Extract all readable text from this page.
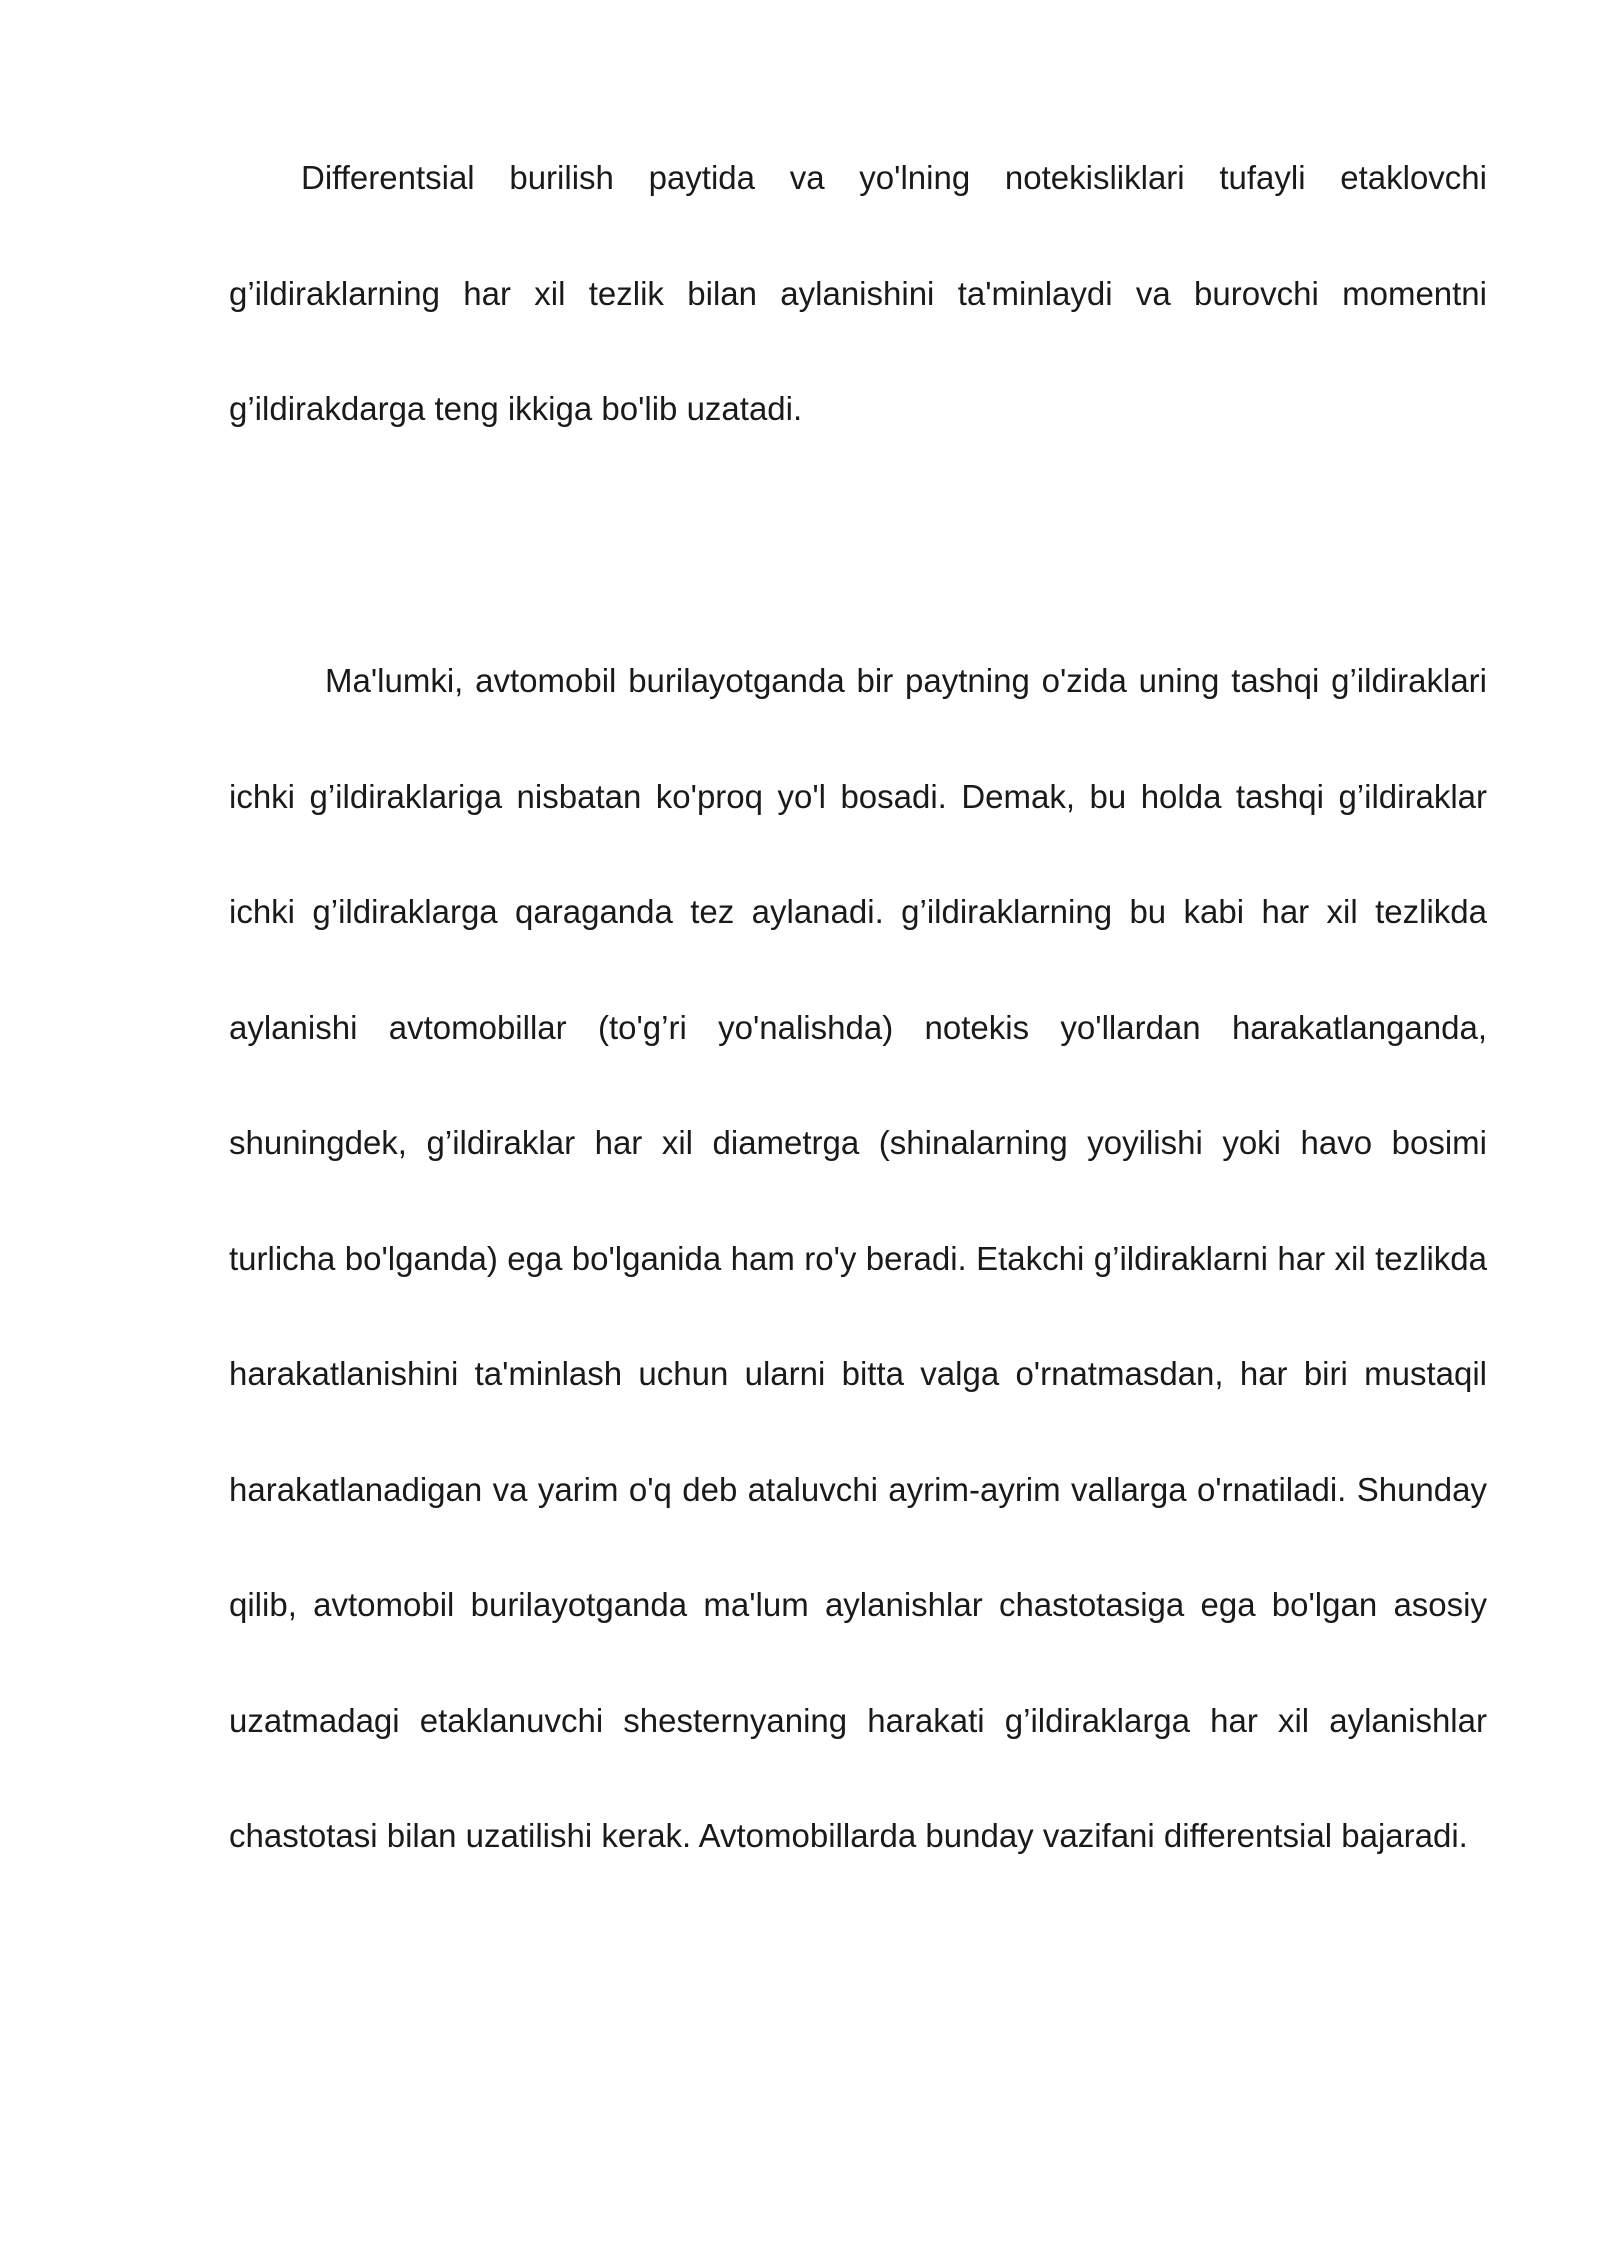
Differentsial burilish paytida va yo'lning notekisliklari tufayli etaklovchi g’ildiraklarning har xil tezlik bilan aylanishini ta'minlaydi va burovchi momentni g’ildirakdarga teng ikkiga bo'lib uzatadi.

Ma'lumki, avtomobil burilayotganda bir paytning o'zida uning tashqi g’ildiraklari ichki g’ildiraklariga nisbatan ko'proq yo'l bosadi. Demak, bu holda tashqi g’ildiraklar ichki g’ildiraklarga qaraganda tez aylanadi. g’ildiraklarning bu kabi har xil tezlikda aylanishi avtomobillar (to'g’ri yo'nalishda) notekis yo'llardan harakatlanganda, shuningdek, g’ildiraklar har xil diametrga (shinalarning yoyilishi yoki havo bosimi turlicha bo'lganda) ega bo'lganida ham ro'y beradi. Etakchi g’ildiraklarni har xil tezlikda harakatlanishini ta'minlash uchun ularni bitta valga o'rnatmasdan, har biri mustaqil harakatlanadigan va yarim o'q deb ataluvchi ayrim-ayrim vallarga o'rnatiladi. Shunday qilib, avtomobil burilayotganda ma'lum aylanishlar chastotasiga ega bo'lgan asosiy uzatmadagi etaklanuvchi shesternyaning harakati g’ildiraklarga har xil aylanishlar chastotasi bilan uzatilishi kerak. Avtomobillarda bunday vazifani differentsial bajaradi.
